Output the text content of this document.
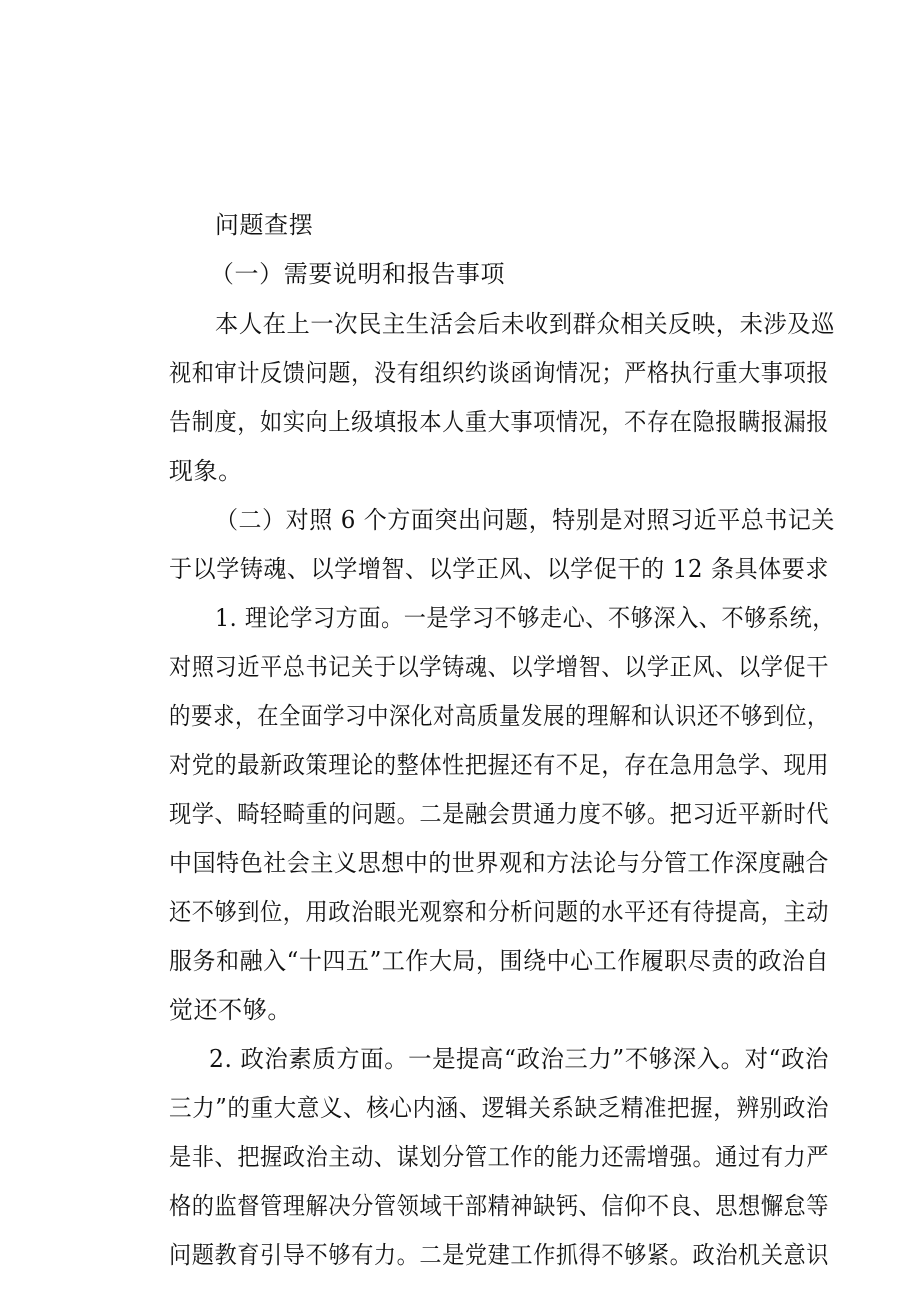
问题查摆

（一）需要说明和报告事项

本人在上一次民主生活会后未收到群众相关反映，未涉及巡

视和审计反馈问题，没有组织约谈函询情况；严格执行重大事项报

告制度，如实向上级填报本人重大事项情况，不存在隐报瞒报漏报

现象。

（二）对照 6 个方面突出问题，特别是对照习近平总书记关

于以学铸魂、以学增智、以学正风、以学促干的 12 条具体要求

1. 理论学习方面。一是学习不够走心、不够深入、不够系统，

对照习近平总书记关于以学铸魂、以学增智、以学正风、以学促干

的要求，在全面学习中深化对高质量发展的理解和认识还不够到位，

对党的最新政策理论的整体性把握还有不足，存在急用急学、现用

现学、畸轻畸重的问题。二是融会贯通力度不够。把习近平新时代

中国特色社会主义思想中的世界观和方法论与分管工作深度融合

还不够到位，用政治眼光观察和分析问题的水平还有待提高，主动

服务和融入“十四五”工作大局，围绕中心工作履职尽责的政治自

觉还不够。

2. 政治素质方面。一是提高“政治三力”不够深入。对“政治

三力”的重大意义、核心内涵、逻辑关系缺乏精准把握，辨别政治

是非、把握政治主动、谋划分管工作的能力还需增强。通过有力严

格的监督管理解决分管领域干部精神缺钙、信仰不良、思想懈怠等

问题教育引导不够有力。二是党建工作抓得不够紧。政治机关意识
